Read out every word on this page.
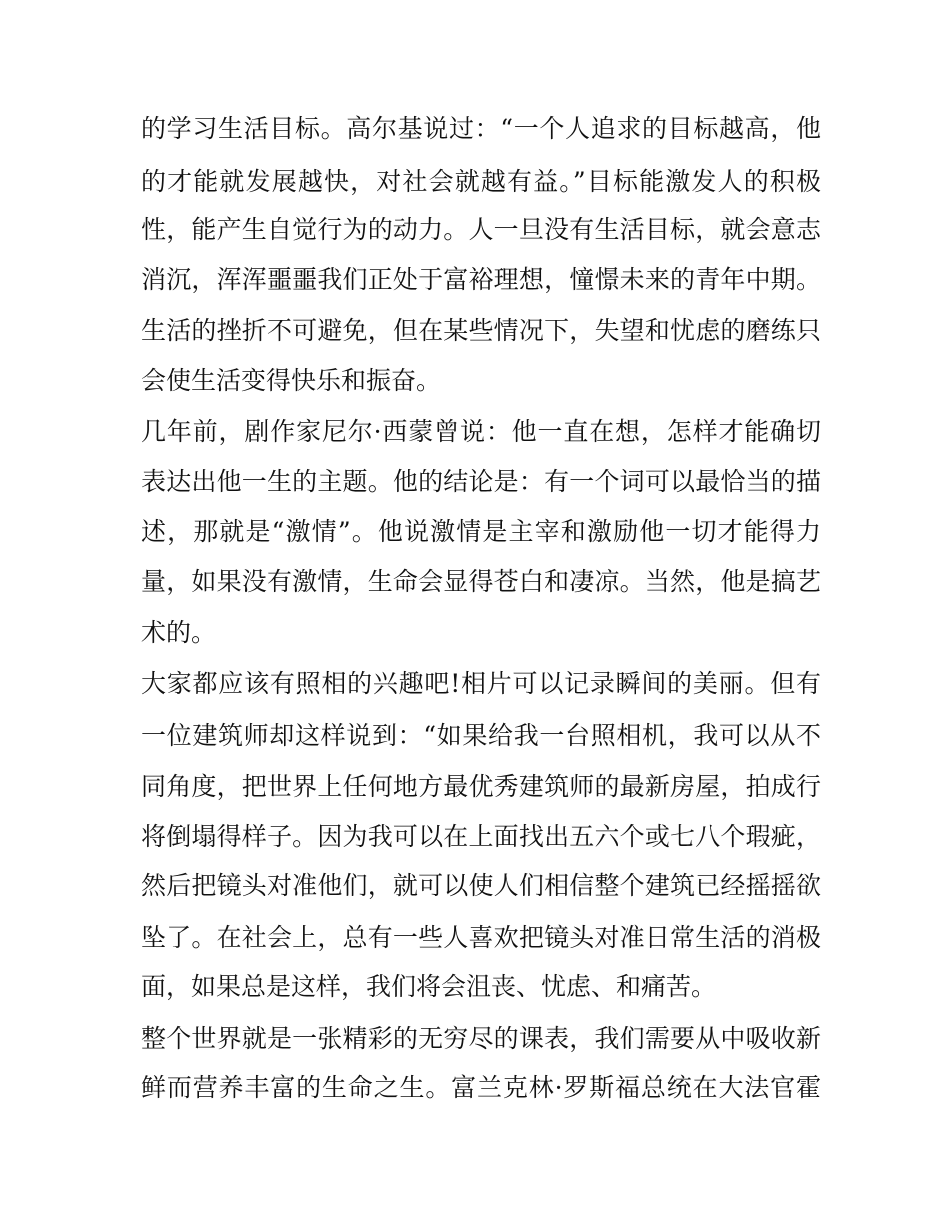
的学习生活目标。高尔基说过：“一个人追求的目标越高，他
的才能就发展越快，对社会就越有益。”目标能激发人的积极
性，能产生自觉行为的动力。人一旦没有生活目标，就会意志
消沉，浑浑噩噩我们正处于富裕理想，憧憬未来的青年中期。
生活的挫折不可避免，但在某些情况下，失望和忧虑的磨练只
会使生活变得快乐和振奋。
几年前，剧作家尼尔·西蒙曾说：他一直在想，怎样才能确切
表达出他一生的主题。他的结论是：有一个词可以最恰当的描
述，那就是“激情”。他说激情是主宰和激励他一切才能得力
量，如果没有激情，生命会显得苍白和凄凉。当然，他是搞艺
术的。
大家都应该有照相的兴趣吧!相片可以记录瞬间的美丽。但有
一位建筑师却这样说到：“如果给我一台照相机，我可以从不
同角度，把世界上任何地方最优秀建筑师的最新房屋，拍成行
将倒塌得样子。因为我可以在上面找出五六个或七八个瑕疵，
然后把镜头对准他们，就可以使人们相信整个建筑已经摇摇欲
坠了。在社会上，总有一些人喜欢把镜头对准日常生活的消极
面，如果总是这样，我们将会沮丧、忧虑、和痛苦。
整个世界就是一张精彩的无穷尽的课表，我们需要从中吸收新
鲜而营养丰富的生命之生。富兰克林·罗斯福总统在大法官霍
